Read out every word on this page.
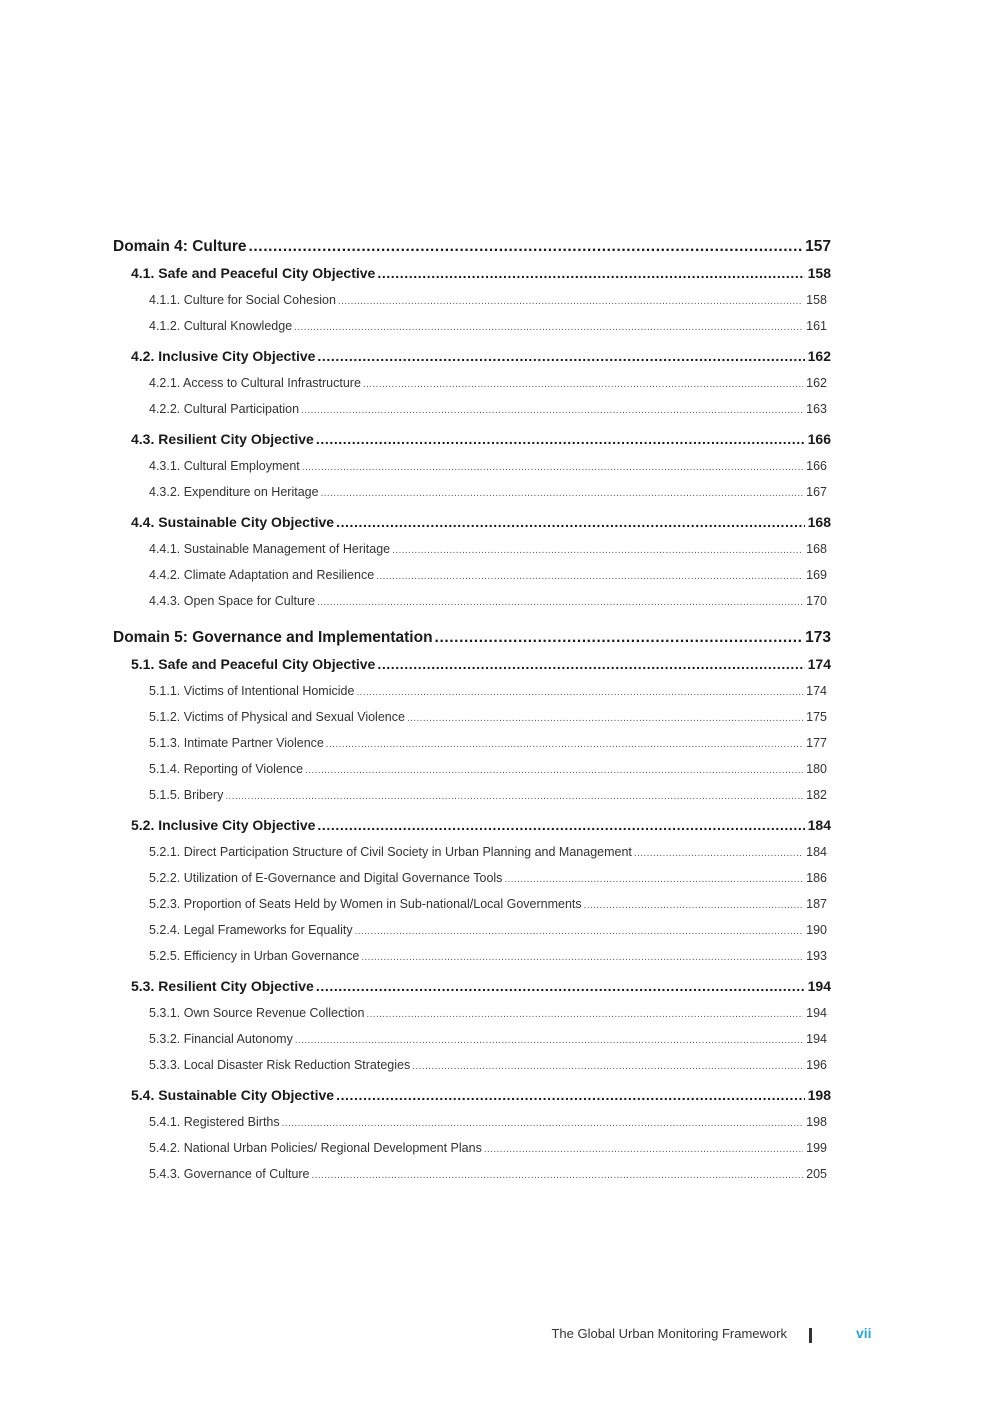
Domain 4: Culture .....	157
4.1. Safe and Peaceful City Objective .....	158
4.1.1. Culture for Social Cohesion .....	158
4.1.2. Cultural Knowledge .....	161
4.2. Inclusive City Objective .....	162
4.2.1. Access to Cultural Infrastructure .....	162
4.2.2. Cultural Participation .....	163
4.3. Resilient City Objective .....	166
4.3.1. Cultural Employment .....	166
4.3.2. Expenditure on Heritage .....	167
4.4. Sustainable City Objective .....	168
4.4.1. Sustainable Management of Heritage .....	168
4.4.2. Climate Adaptation and Resilience .....	169
4.4.3. Open Space for Culture .....	170
Domain 5: Governance and Implementation .....	173
5.1. Safe and Peaceful City Objective .....	174
5.1.1. Victims of Intentional Homicide .....	174
5.1.2. Victims of Physical and Sexual Violence .....	175
5.1.3. Intimate Partner Violence .....	177
5.1.4. Reporting of Violence .....	180
5.1.5. Bribery .....	182
5.2. Inclusive City Objective .....	184
5.2.1. Direct Participation Structure of Civil Society in Urban Planning and Management .....	184
5.2.2. Utilization of E-Governance and Digital Governance Tools .....	186
5.2.3. Proportion of Seats Held by Women in Sub-national/Local Governments .....	187
5.2.4. Legal Frameworks for Equality .....	190
5.2.5. Efficiency in Urban Governance .....	193
5.3. Resilient City Objective .....	194
5.3.1. Own Source Revenue Collection .....	194
5.3.2. Financial Autonomy .....	194
5.3.3. Local Disaster Risk Reduction Strategies .....	196
5.4. Sustainable City Objective .....	198
5.4.1. Registered Births .....	198
5.4.2. National Urban Policies/ Regional Development Plans .....	199
5.4.3. Governance of Culture .....	205
The Global Urban Monitoring Framework	vii
